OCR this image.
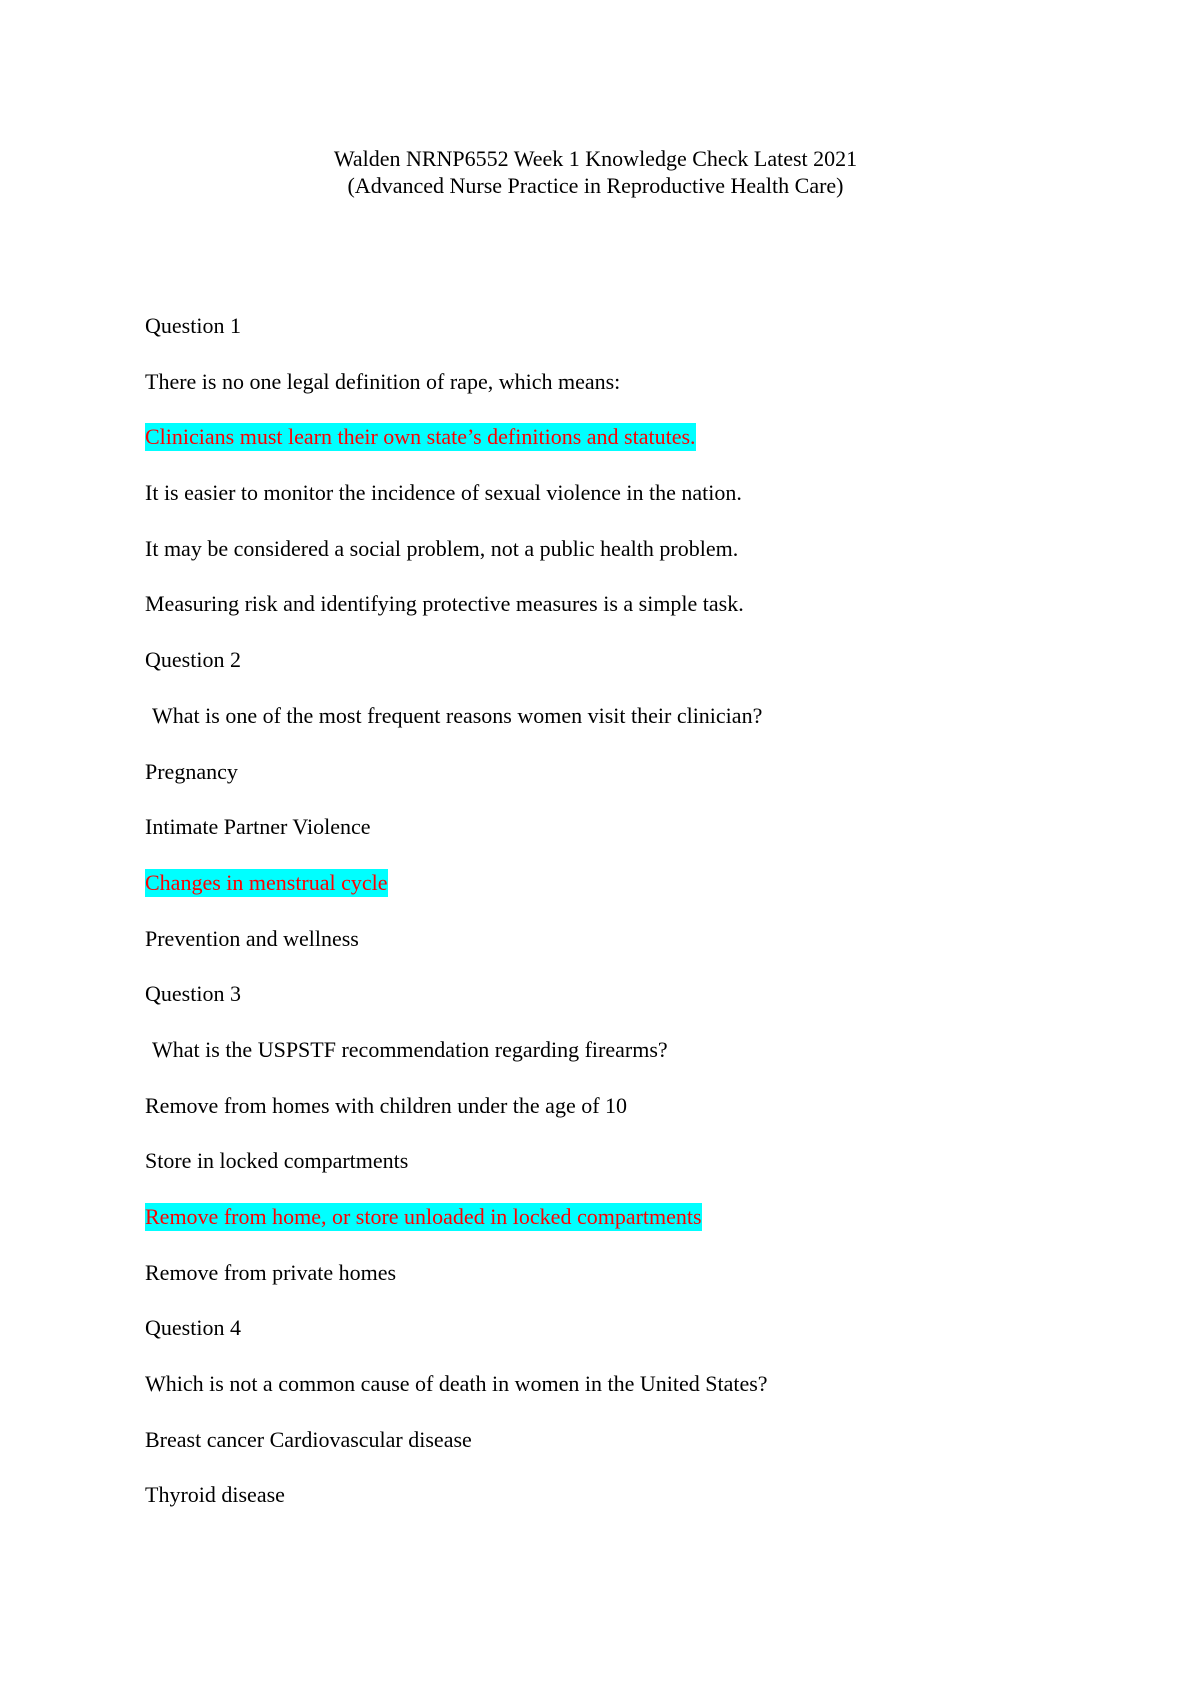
Walden NRNP6552 Week 1 Knowledge Check Latest 2021
(Advanced Nurse Practice in Reproductive Health Care)
Question 1
There is no one legal definition of rape, which means:
Clinicians must learn their own state’s definitions and statutes.
It is easier to monitor the incidence of sexual violence in the nation.
It may be considered a social problem, not a public health problem.
Measuring risk and identifying protective measures is a simple task.
Question 2
What is one of the most frequent reasons women visit their clinician?
Pregnancy
Intimate Partner Violence
Changes in menstrual cycle
Prevention and wellness
Question 3
What is the USPSTF recommendation regarding firearms?
Remove from homes with children under the age of 10
Store in locked compartments
Remove from home, or store unloaded in locked compartments
Remove from private homes
Question 4
Which is not a common cause of death in women in the United States?
Breast cancer Cardiovascular disease
Thyroid disease
